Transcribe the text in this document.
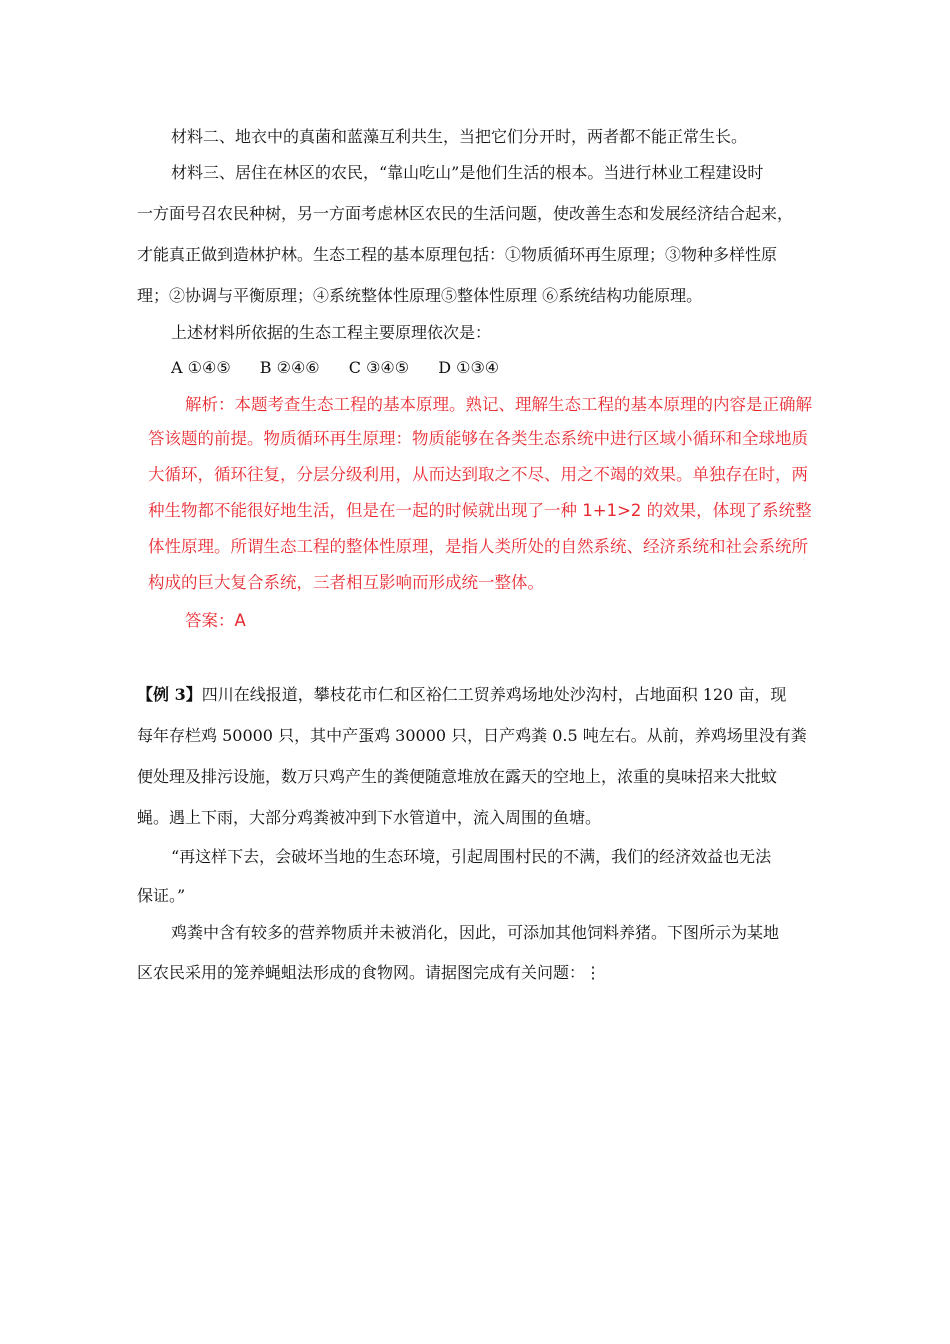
材料二、地衣中的真菌和蓝藻互利共生，当把它们分开时，两者都不能正常生长。
材料三、居住在林区的农民，“靠山吃山”是他们生活的根本。当进行林业工程建设时
一方面号召农民种树，另一方面考虑林区农民的生活问题，使改善生态和发展经济结合起来，
才能真正做到造林护林。生态工程的基本原理包括：①物质循环再生原理；③物种多样性原
理；②协调与平衡原理；④系统整体性原理⑤整体性原理 ⑥系统结构功能原理。
上述材料所依据的生态工程主要原理依次是：
A ①④⑤ B ②④⑥ C ③④⑤ D ①③④
解析：本题考查生态工程的基本原理。熟记、理解生态工程的基本原理的内容是正确解
答该题的前提。物质循环再生原理：物质能够在各类生态系统中进行区域小循环和全球地质
大循环，循环往复，分层分级利用，从而达到取之不尽、用之不竭的效果。单独存在时，两
种生物都不能很好地生活，但是在一起的时候就出现了一种 1+1>2 的效果，体现了系统整
体性原理。所谓生态工程的整体性原理，是指人类所处的自然系统、经济系统和社会系统所
构成的巨大复合系统，三者相互影响而形成统一整体。
答案：A
【例 3】四川在线报道，攀枝花市仁和区裕仁工贸养鸡场地处沙沟村，占地面积 120 亩，现
每年存栏鸡 50000 只，其中产蛋鸡 30000 只，日产鸡粪 0.5 吨左右。从前，养鸡场里没有粪
便处理及排污设施，数万只鸡产生的粪便随意堆放在露天的空地上，浓重的臭味招来大批蚊
蝇。遇上下雨，大部分鸡粪被冲到下水管道中，流入周围的鱼塘。
“再这样下去，会破坏当地的生态环境，引起周围村民的不满，我们的经济效益也无法
保证。”
鸡粪中含有较多的营养物质并未被消化，因此，可添加其他饲料养猪。下图所示为某地
区农民采用的笼养蝇蛆法形成的食物网。请据图完成有关问题：⋮
